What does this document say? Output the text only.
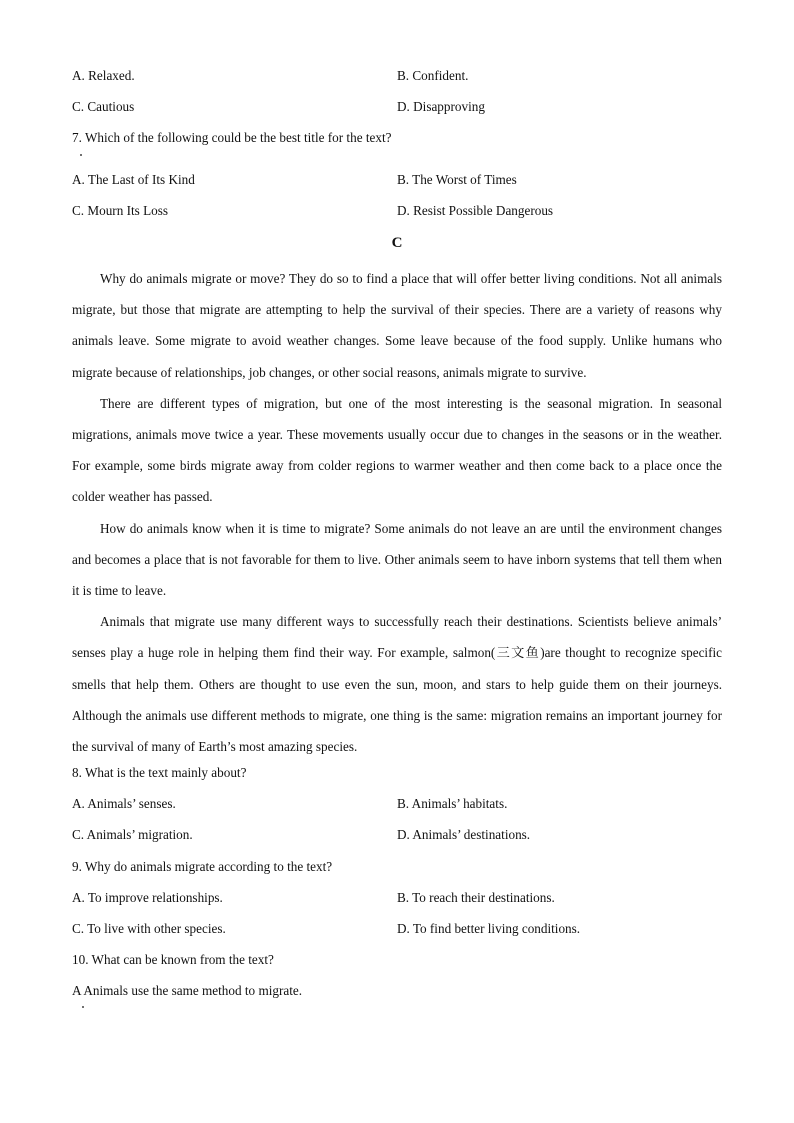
A. Relaxed.	B. Confident.
C. Cautious	D. Disapproving
7. Which of the following could be the best title for the text?
A. The Last of Its Kind	B. The Worst of Times
C. Mourn Its Loss	D. Resist Possible Dangerous
C

Why do animals migrate or move? They do so to find a place that will offer better living conditions. Not all animals migrate, but those that migrate are attempting to help the survival of their species. There are a variety of reasons why animals leave. Some migrate to avoid weather changes. Some leave because of the food supply. Unlike humans who migrate because of relationships, job changes, or other social reasons, animals migrate to survive.

There are different types of migration, but one of the most interesting is the seasonal migration. In seasonal migrations, animals move twice a year. These movements usually occur due to changes in the seasons or in the weather. For example, some birds migrate away from colder regions to warmer weather and then come back to a place once the colder weather has passed.

How do animals know when it is time to migrate? Some animals do not leave an are until the environment changes and becomes a place that is not favorable for them to live. Other animals seem to have inborn systems that tell them when it is time to leave.

Animals that migrate use many different ways to successfully reach their destinations. Scientists believe animals’ senses play a huge role in helping them find their way. For example, salmon(三文鱼)are thought to recognize specific smells that help them. Others are thought to use even the sun, moon, and stars to help guide them on their journeys. Although the animals use different methods to migrate, one thing is the same: migration remains an important journey for the survival of many of Earth’s most amazing species.

8. What is the text mainly about?
A. Animals’ senses.	B. Animals’ habitats.
C. Animals’ migration.	D. Animals’ destinations.
9. Why do animals migrate according to the text?
A. To improve relationships.	B. To reach their destinations.
C. To live with other species.	D. To find better living conditions.
10. What can be known from the text?
A Animals use the same method to migrate.
